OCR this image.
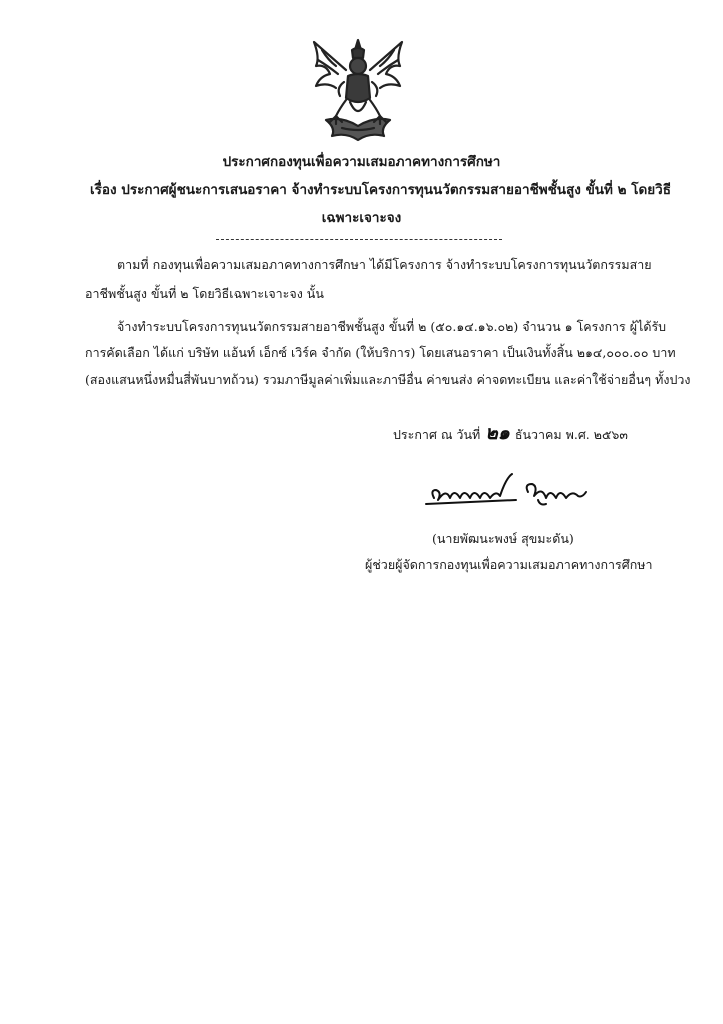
ประกาศกองทุนเพื่อความเสมอภาคทางการศึกษา
เรื่อง ประกาศผู้ชนะการเสนอราคา จ้างทำระบบโครงการทุนนวัตกรรมสายอาชีพชั้นสูง ขั้นที่ ๒ โดยวิธี
เฉพาะเจาะจง
ตามที่ กองทุนเพื่อความเสมอภาคทางการศึกษา ได้มีโครงการ จ้างทำระบบโครงการทุนนวัตกรรมสาย
อาชีพชั้นสูง ขั้นที่ ๒ โดยวิธีเฉพาะเจาะจง นั้น
จ้างทำระบบโครงการทุนนวัตกรรมสายอาชีพชั้นสูง ขั้นที่ ๒ (๕๐.๑๔.๑๖.๐๒) จำนวน ๑ โครงการ ผู้ได้รับ
การคัดเลือก ได้แก่ บริษัท แอ้นท์ เอ็กซ์ เวิร์ค จำกัด (ให้บริการ) โดยเสนอราคา เป็นเงินทั้งสิ้น ๒๑๔,๐๐๐.๐๐ บาท
(สองแสนหนึ่งหมื่นสี่พันบาทถ้วน) รวมภาษีมูลค่าเพิ่มและภาษีอื่น ค่าขนส่ง ค่าจดทะเบียน และค่าใช้จ่ายอื่นๆ ทั้งปวง
ประกาศ ณ วันที่ ๒๑ ธันวาคม พ.ศ. ๒๕๖๓
(นายพัฒนะพงษ์ สุขมะดัน)
ผู้ช่วยผู้จัดการกองทุนเพื่อความเสมอภาคทางการศึกษา
